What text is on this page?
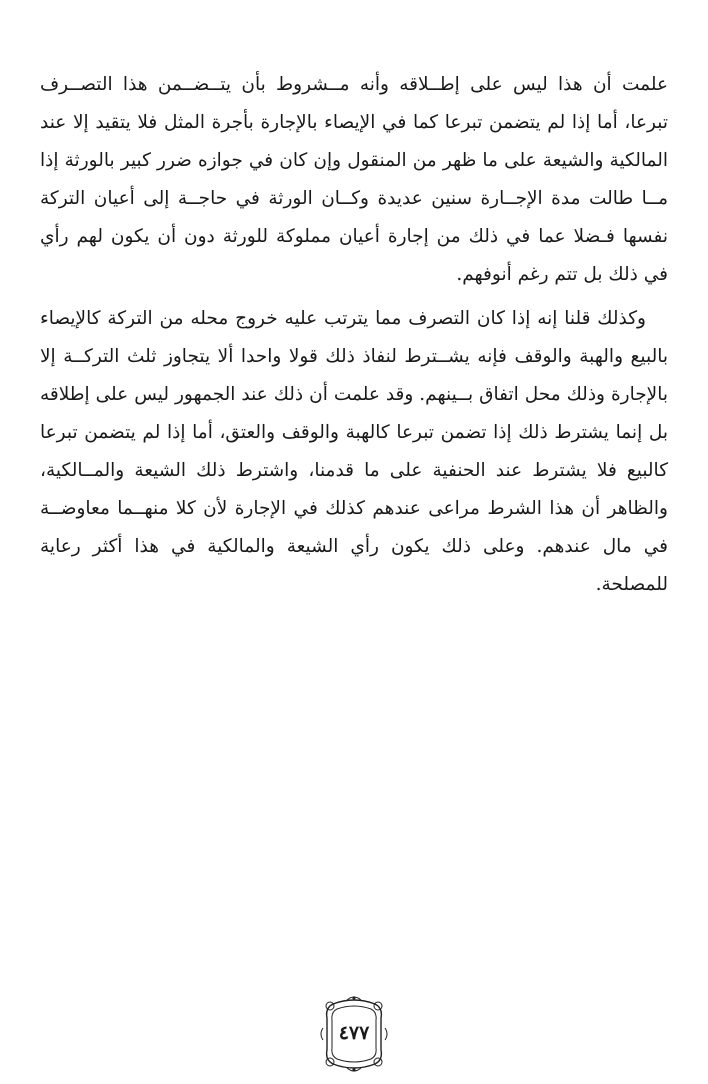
علمت أن هذا ليس على إطــلاقه وأنه مــشروط بأن يتــضــمن هذا التصــرف تبرعا، أما إذا لم يتضمن تبرعا كما في الإيصاء بالإجارة بأجرة المثل فلا يتقيد إلا عند المالكية والشيعة على ما ظهر من المنقول وإن كان في جوازه ضرر كبير بالورثة إذا مــا طالت مدة الإجــارة سنين عديدة وكــان الورثة في حاجــة إلى أعيان التركة نفسها فـضلا عما في ذلك من إجارة أعيان مملوكة للورثة دون أن يكون لهم رأي في ذلك بل تتم رغم أنوفهم.

وكذلك قلنا إنه إذا كان التصرف مما يترتب عليه خروج محله من التركة كالإيصاء بالبيع والهبة والوقف فإنه يشــترط لنفاذ ذلك قولا واحدا ألا يتجاوز ثلث التركــة إلا بالإجارة وذلك محل اتفاق بــينهم. وقد علمت أن ذلك عند الجمهور ليس على إطلاقه بل إنما يشترط ذلك إذا تضمن تبرعا كالهبة والوقف والعتق، أما إذا لم يتضمن تبرعا كالبيع فلا يشترط عند الحنفية على ما قدمنا، واشترط ذلك الشيعة والمــالكية، والظاهر أن هذا الشرط مراعى عندهم كذلك في الإجارة لأن كلا منهــما معاوضــة في مال عندهم. وعلى ذلك يكون رأي الشيعة والمالكية في هذا أكثر رعاية للمصلحة.

٤٧٧
